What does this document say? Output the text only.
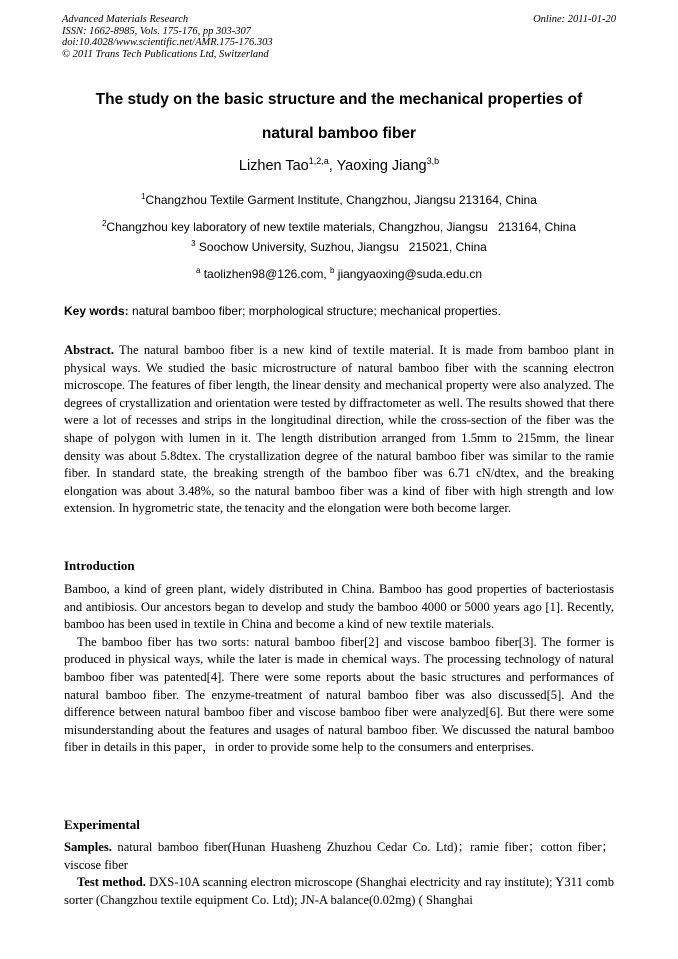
Advanced Materials Research
ISSN: 1662-8985, Vols. 175-176, pp 303-307
doi:10.4028/www.scientific.net/AMR.175-176.303
© 2011 Trans Tech Publications Ltd, Switzerland
Online: 2011-01-20
The study on the basic structure and the mechanical properties of
natural bamboo fiber
Lizhen Tao$^{1,2,a}$, Yaoxing Jiang$^{3,b}$
$^1$Changzhou Textile Garment Institute, Changzhou, Jiangsu 213164, China
$^2$Changzhou key laboratory of new textile materials, Changzhou, Jiangsu   213164, China
$^3$ Soochow University, Suzhou, Jiangsu   215021, China
$^a$ taolizhen98@126.com, $^b$ jiangyaoxing@suda.edu.cn
Key words: natural bamboo fiber; morphological structure; mechanical properties.
Abstract. The natural bamboo fiber is a new kind of textile material. It is made from bamboo plant in physical ways. We studied the basic microstructure of natural bamboo fiber with the scanning electron microscope. The features of fiber length, the linear density and mechanical property were also analyzed. The degrees of crystallization and orientation were tested by diffractometer as well. The results showed that there were a lot of recesses and strips in the longitudinal direction, while the cross-section of the fiber was the shape of polygon with lumen in it. The length distribution arranged from 1.5mm to 215mm, the linear density was about 5.8dtex. The crystallization degree of the natural bamboo fiber was similar to the ramie fiber. In standard state, the breaking strength of the bamboo fiber was 6.71 cN/dtex, and the breaking elongation was about 3.48%, so the natural bamboo fiber was a kind of fiber with high strength and low extension. In hygrometric state, the tenacity and the elongation were both become larger.
Introduction
Bamboo, a kind of green plant, widely distributed in China. Bamboo has good properties of bacteriostasis and antibiosis. Our ancestors began to develop and study the bamboo 4000 or 5000 years ago [1]. Recently, bamboo has been used in textile in China and become a kind of new textile materials.
The bamboo fiber has two sorts: natural bamboo fiber[2] and viscose bamboo fiber[3]. The former is produced in physical ways, while the later is made in chemical ways. The processing technology of natural bamboo fiber was patented[4]. There were some reports about the basic structures and performances of natural bamboo fiber. The enzyme-treatment of natural bamboo fiber was also discussed[5]. And the difference between natural bamboo fiber and viscose bamboo fiber were analyzed[6]. But there were some misunderstanding about the features and usages of natural bamboo fiber. We discussed the natural bamboo fiber in details in this paper，in order to provide some help to the consumers and enterprises.
Experimental
Samples. natural bamboo fiber(Hunan Huasheng Zhuzhou Cedar Co. Ltd)；ramie fiber；cotton fiber；viscose fiber
Test method. DXS-10A scanning electron microscope (Shanghai electricity and ray institute); Y311 comb sorter (Changzhou textile equipment Co. Ltd); JN-A balance(0.02mg) ( Shanghai
